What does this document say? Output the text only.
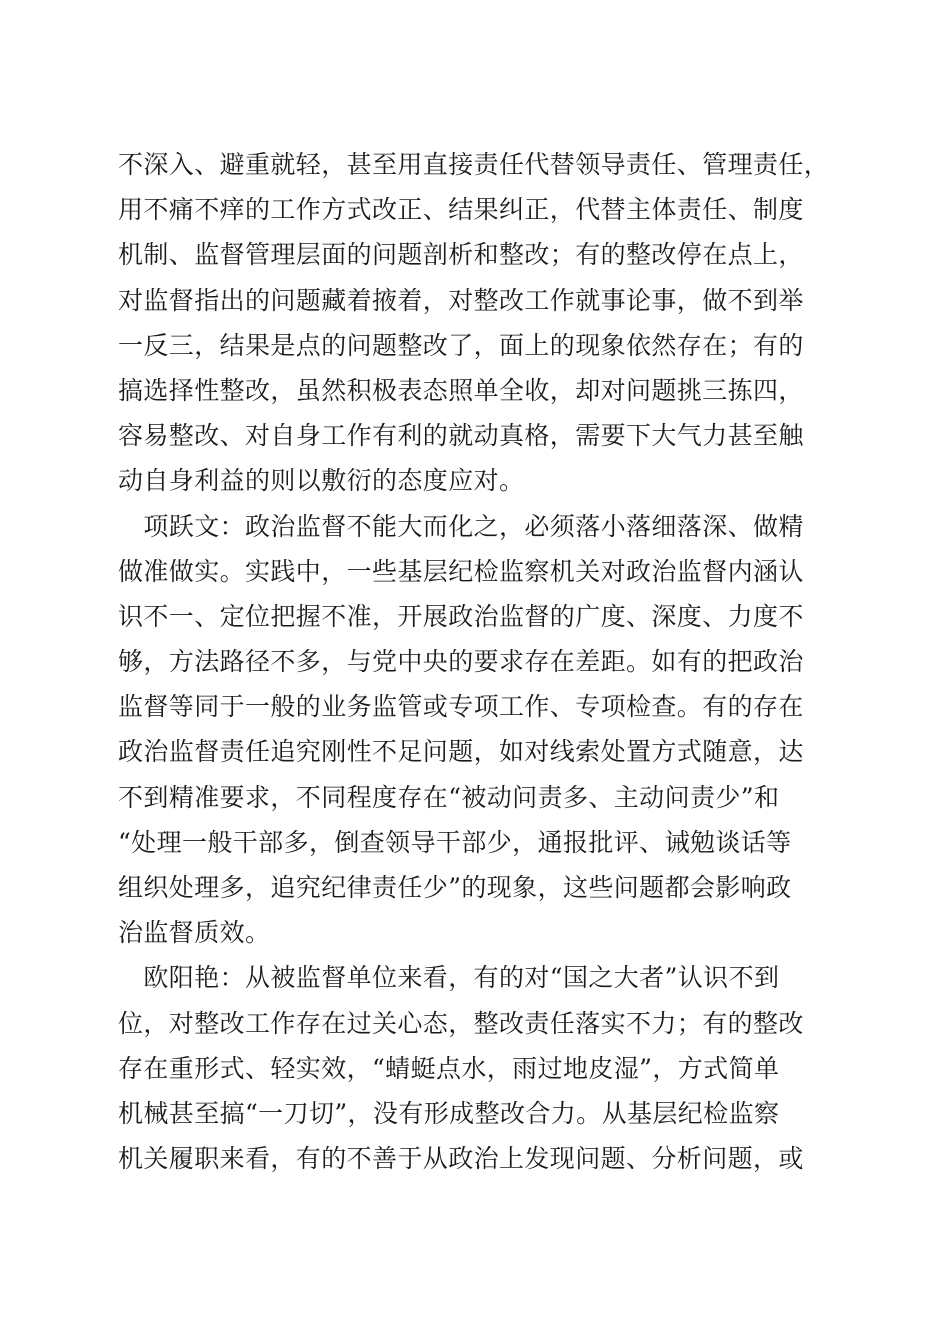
不深入、避重就轻，甚至用直接责任代替领导责任、管理责任，
用不痛不痒的工作方式改正、结果纠正，代替主体责任、制度
机制、监督管理层面的问题剖析和整改；有的整改停在点上，
对监督指出的问题藏着掖着，对整改工作就事论事，做不到举
一反三，结果是点的问题整改了，面上的现象依然存在；有的
搞选择性整改，虽然积极表态照单全收，却对问题挑三拣四，
容易整改、对自身工作有利的就动真格，需要下大气力甚至触
动自身利益的则以敷衍的态度应对。
　项跃文：政治监督不能大而化之，必须落小落细落深、做精
做准做实。实践中，一些基层纪检监察机关对政治监督内涵认
识不一、定位把握不准，开展政治监督的广度、深度、力度不
够，方法路径不多，与党中央的要求存在差距。如有的把政治
监督等同于一般的业务监管或专项工作、专项检查。有的存在
政治监督责任追究刚性不足问题，如对线索处置方式随意，达
不到精准要求，不同程度存在“被动问责多、主动问责少”和
“处理一般干部多，倒查领导干部少，通报批评、诫勉谈话等
组织处理多，追究纪律责任少”的现象，这些问题都会影响政
治监督质效。
　欧阳艳：从被监督单位来看，有的对“国之大者”认识不到
位，对整改工作存在过关心态，整改责任落实不力；有的整改
存在重形式、轻实效，“蜻蜓点水，雨过地皮湿”，方式简单
机械甚至搞“一刀切”，没有形成整改合力。从基层纪检监察
机关履职来看，有的不善于从政治上发现问题、分析问题，或
